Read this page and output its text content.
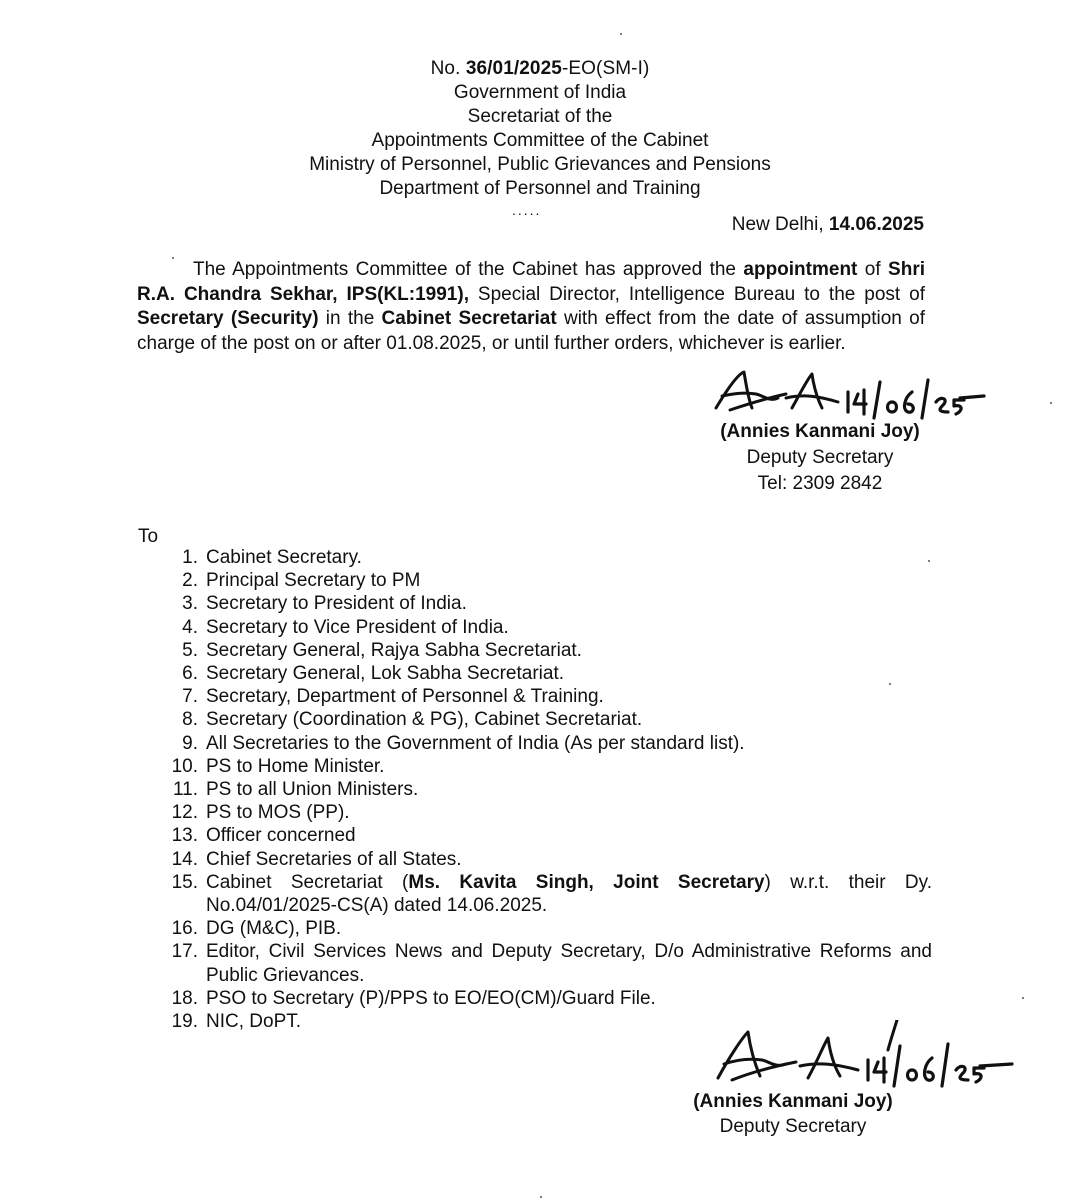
No. 36/01/2025-EO(SM-I)
Government of India
Secretariat of the
Appointments Committee of the Cabinet
Ministry of Personnel, Public Grievances and Pensions
Department of Personnel and Training
.....
New Delhi, 14.06.2025
The Appointments Committee of the Cabinet has approved the appointment of Shri R.A. Chandra Sekhar, IPS(KL:1991), Special Director, Intelligence Bureau to the post of Secretary (Security) in the Cabinet Secretariat with effect from the date of assumption of charge of the post on or after 01.08.2025, or until further orders, whichever is earlier.
(Annies Kanmani Joy)
Deputy Secretary
Tel: 2309 2842
To
1. Cabinet Secretary.
2. Principal Secretary to PM
3. Secretary to President of India.
4. Secretary to Vice President of India.
5. Secretary General, Rajya Sabha Secretariat.
6. Secretary General, Lok Sabha Secretariat.
7. Secretary, Department of Personnel & Training.
8. Secretary (Coordination & PG), Cabinet Secretariat.
9. All Secretaries to the Government of India (As per standard list).
10. PS to Home Minister.
11. PS to all Union Ministers.
12. PS to MOS (PP).
13. Officer concerned
14. Chief Secretaries of all States.
15. Cabinet Secretariat (Ms. Kavita Singh, Joint Secretary) w.r.t. their Dy. No.04/01/2025-CS(A) dated 14.06.2025.
16. DG (M&C), PIB.
17. Editor, Civil Services News and Deputy Secretary, D/o Administrative Reforms and Public Grievances.
18. PSO to Secretary (P)/PPS to EO/EO(CM)/Guard File.
19. NIC, DoPT.
(Annies Kanmani Joy)
Deputy Secretary
